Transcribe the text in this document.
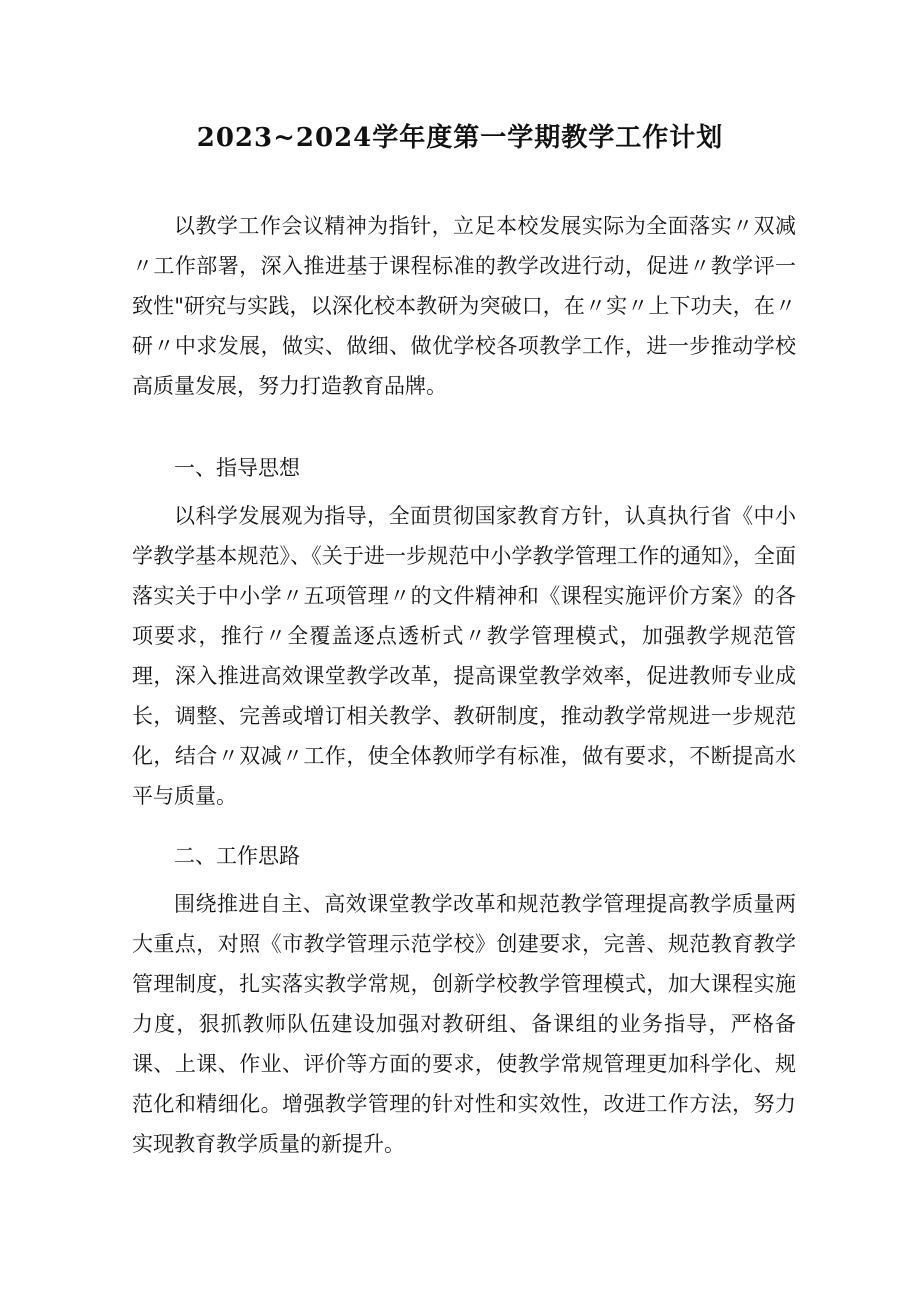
2023~2024学年度第一学期教学工作计划

以教学工作会议精神为指针，立足本校发展实际为全面落实〃双减〃工作部署，深入推进基于课程标准的教学改进行动，促进〃教学评一致性"研究与实践，以深化校本教研为突破口，在〃实〃上下功夫，在〃研〃中求发展，做实、做细、做优学校各项教学工作，进一步推动学校高质量发展，努力打造教育品牌。

一、指导思想

以科学发展观为指导，全面贯彻国家教育方针，认真执行省《中小学教学基本规范》、《关于进一步规范中小学教学管理工作的通知》，全面落实关于中小学〃五项管理〃的文件精神和《课程实施评价方案》的各项要求，推行〃全覆盖逐点透析式〃教学管理模式，加强教学规范管理，深入推进高效课堂教学改革，提高课堂教学效率，促进教师专业成长，调整、完善或增订相关教学、教研制度，推动教学常规进一步规范化，结合〃双减〃工作，使全体教师学有标准，做有要求，不断提高水平与质量。

二、工作思路

围绕推进自主、高效课堂教学改革和规范教学管理提高教学质量两大重点，对照《市教学管理示范学校》创建要求，完善、规范教育教学管理制度，扎实落实教学常规，创新学校教学管理模式，加大课程实施力度，狠抓教师队伍建设加强对教研组、备课组的业务指导，严格备课、上课、作业、评价等方面的要求，使教学常规管理更加科学化、规范化和精细化。增强教学管理的针对性和实效性，改进工作方法，努力实现教育教学质量的新提升。
